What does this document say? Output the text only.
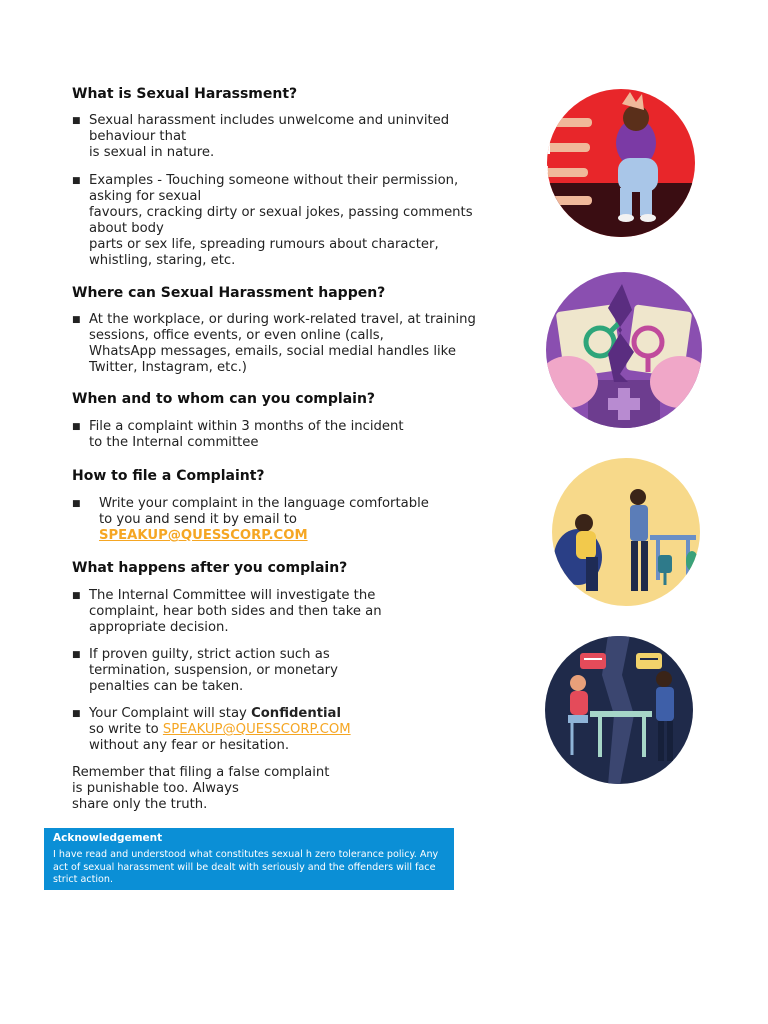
What is Sexual Harassment?
■ Sexual harassment includes unwelcome and uninvited
behaviour that
is sexual in nature.
■ Examples - Touching someone without their permission,
asking for sexual
favours, cracking dirty or sexual jokes, passing comments
about body
parts or sex life, spreading rumours about character,
whistling, staring, etc.
Where can Sexual Harassment happen?
■ At the workplace, or during work-related travel, at training
sessions, office events, or even online (calls,
WhatsApp messages, emails, social medial handles like
Twitter, Instagram, etc.)
When and to whom can you complain?
■ File a complaint within 3 months of the incident
to the Internal committee
How to file a Complaint?
■	Write your complaint in the language comfortable
to you and send it by email to
SPEAKUP@QUESSCORP.COM
What happens after you complain?
■ The Internal Committee will investigate the
complaint, hear both sides and then take an
appropriate decision.
■ If proven guilty, strict action such as
termination, suspension, or monetary
penalties can be taken.
■ Your Complaint will stay Confidential
so write to SPEAKUP@QUESSCORP.COM
without any fear or hesitation.
Remember that filing a false complaint
is punishable too. Always
share only the truth.
Acknowledgement
I have read and understood what constitutes sexual h zero tolerance policy. Any act of sexual harassment will be dealt with seriously and the offenders will face strict action.
